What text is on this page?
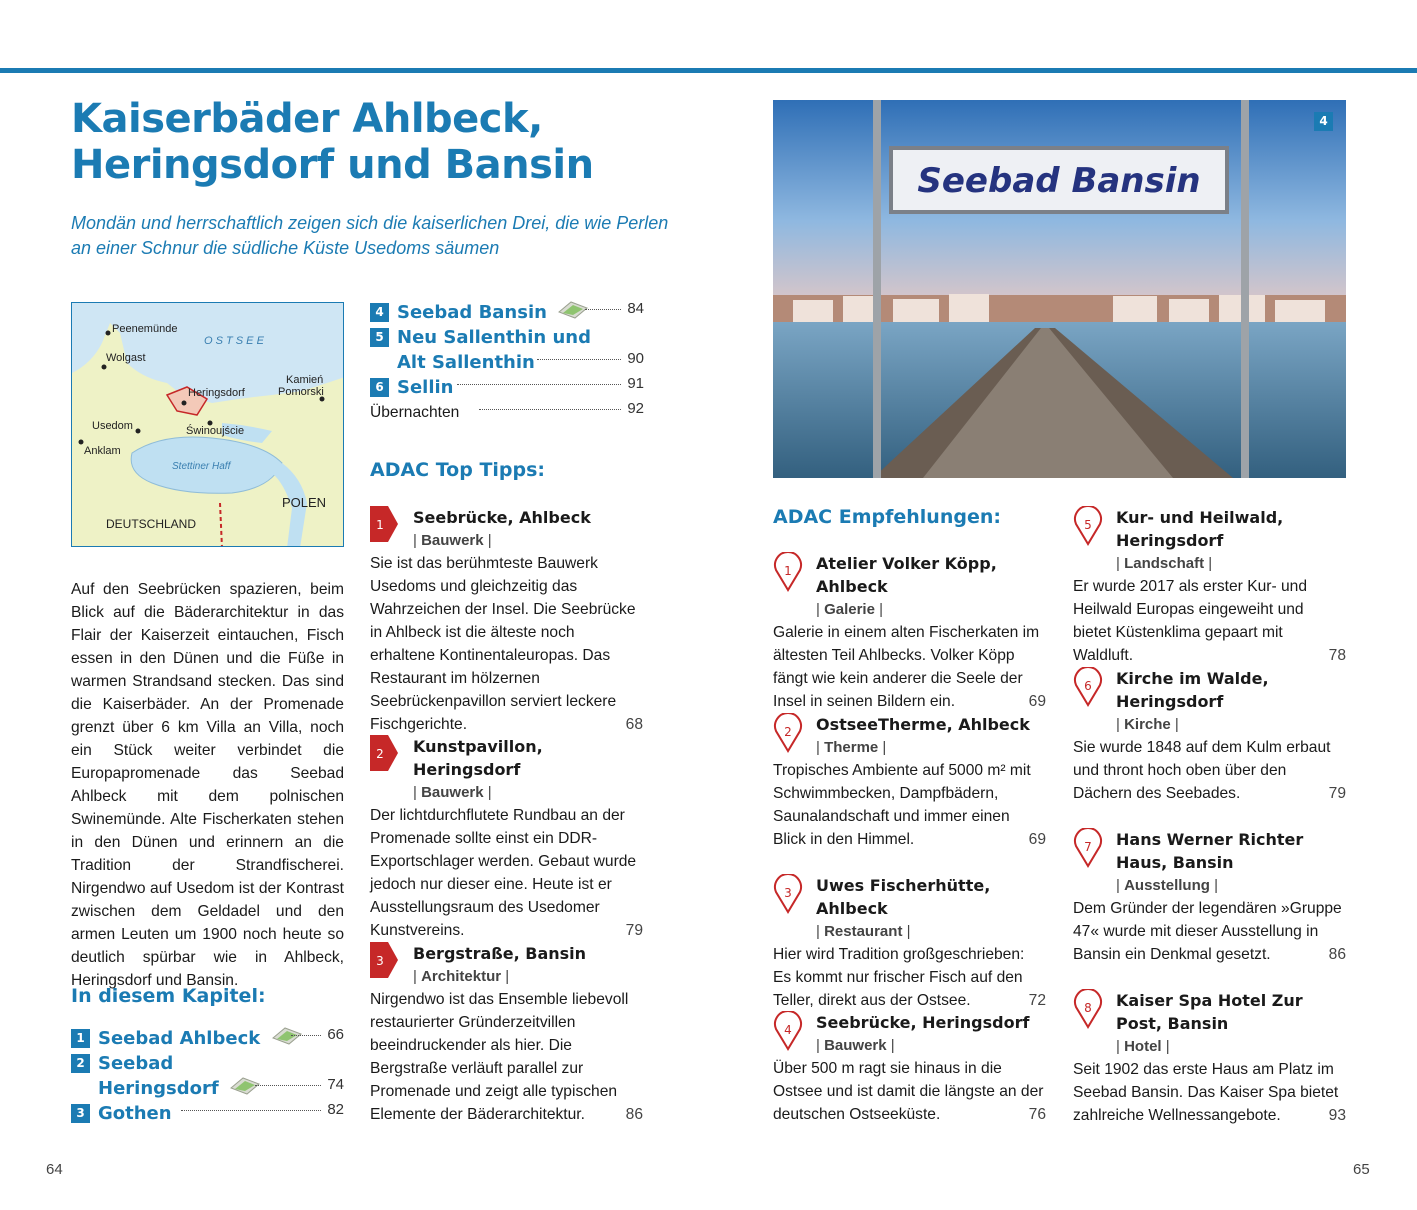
Kaiserbäder Ahlbeck,
Heringsdorf und Bansin

Mondän und herrschaftlich zeigen sich die kaiserlichen Drei, die wie Perlen an einer Schnur die südliche Küste Usedoms säumen

Peenemünde
Wolgast
Heringsdorf
Kamień
Pomorski
Usedom	Świnoujście
Anklam
POLEN
DEUTSCHLAND
O S T S E E
Stettiner Haff

Auf den Seebrücken spazieren, beim Blick auf die Bäderarchitektur in das Flair der Kaiserzeit eintauchen, Fisch essen in den Dünen und die Füße in warmen Strandsand stecken. Das sind die Kaiserbäder. An der Promenade grenzt über 6 km Villa an Villa, noch ein Stück weiter verbindet die Europapromenade das Seebad Ahlbeck mit dem polnischen Swinemünde. Alte Fischerkaten stehen in den Dünen und erinnern an die Tradition der Strandfischerei. Nirgendwo auf Usedom ist der Kontrast zwischen dem Geldadel und den armen Leuten um 1900 noch heute so deutlich spürbar wie in Ahlbeck, Heringsdorf und Bansin.

In diesem Kapitel:
1 Seebad Ahlbeck	66
2 Seebad
Heringsdorf	74
3 Gothen	82
4 Seebad Bansin	84
5 Neu Sallenthin und
Alt Sallenthin	90
6 Sellin	91
Übernachten	92
ADAC Top Tipps:
1 Seebrücke, Ahlbeck
| Bauwerk |

Sie ist das berühmteste Bauwerk Usedoms und gleichzeitig das Wahrzeichen der Insel. Die Seebrücke in Ahlbeck ist die älteste noch erhaltene Kontinentaleuropas. Das Restaurant im hölzernen Seebrückenpavillon serviert leckere Fischgerichte.	68

2 Kunstpavillon, Heringsdorf
| Bauwerk |

Der lichtdurchflutete Rundbau an der Promenade sollte einst ein DDR-Exportschlager werden. Gebaut wurde jedoch nur dieser eine. Heute ist er Ausstellungsraum des Usedomer Kunstvereins.	79

3 Bergstraße, Bansin
| Architektur |

Nirgendwo ist das Ensemble liebevoll restaurierter Gründerzeitvillen beeindruckender als hier. Die Bergstraße verläuft parallel zur Promenade und zeigt alle typischen Elemente der Bäderarchitektur.	86

64
Seebad Bansin
4
ADAC Empfehlungen:
1 Atelier Volker Köpp, Ahlbeck
| Galerie |

Galerie in einem alten Fischerkaten im ältesten Teil Ahlbecks. Volker Köpp fängt wie kein anderer die Seele der Insel in seinen Bildern ein.	69

2 OstseeTherme, Ahlbeck
| Therme |

Tropisches Ambiente auf 5000 m² mit Schwimmbecken, Dampfbädern, Saunalandschaft und immer einen Blick in den Himmel.	69

3 Uwes Fischerhütte, Ahlbeck
| Restaurant |

Hier wird Tradition großgeschrieben: Es kommt nur frischer Fisch auf den Teller, direkt aus der Ostsee.	72

4 Seebrücke, Heringsdorf
| Bauwerk |

Über 500 m ragt sie hinaus in die Ostsee und ist damit die längste an der deutschen Ostseeküste.	76

5 Kur- und Heilwald, Heringsdorf
| Landschaft |

Er wurde 2017 als erster Kur- und Heilwald Europas eingeweiht und bietet Küstenklima gepaart mit Waldluft.	78

6 Kirche im Walde, Heringsdorf
| Kirche |

Sie wurde 1848 auf dem Kulm erbaut und thront hoch oben über den Dächern des Seebades.	79

7 Hans Werner Richter Haus, Bansin
| Ausstellung |

Dem Gründer der legendären »Gruppe 47« wurde mit dieser Ausstellung in Bansin ein Denkmal gesetzt.	86

8 Kaiser Spa Hotel Zur Post, Bansin
| Hotel |

Seit 1902 das erste Haus am Platz im Seebad Bansin. Das Kaiser Spa bietet zahlreiche Wellnessangebote.	93

65
